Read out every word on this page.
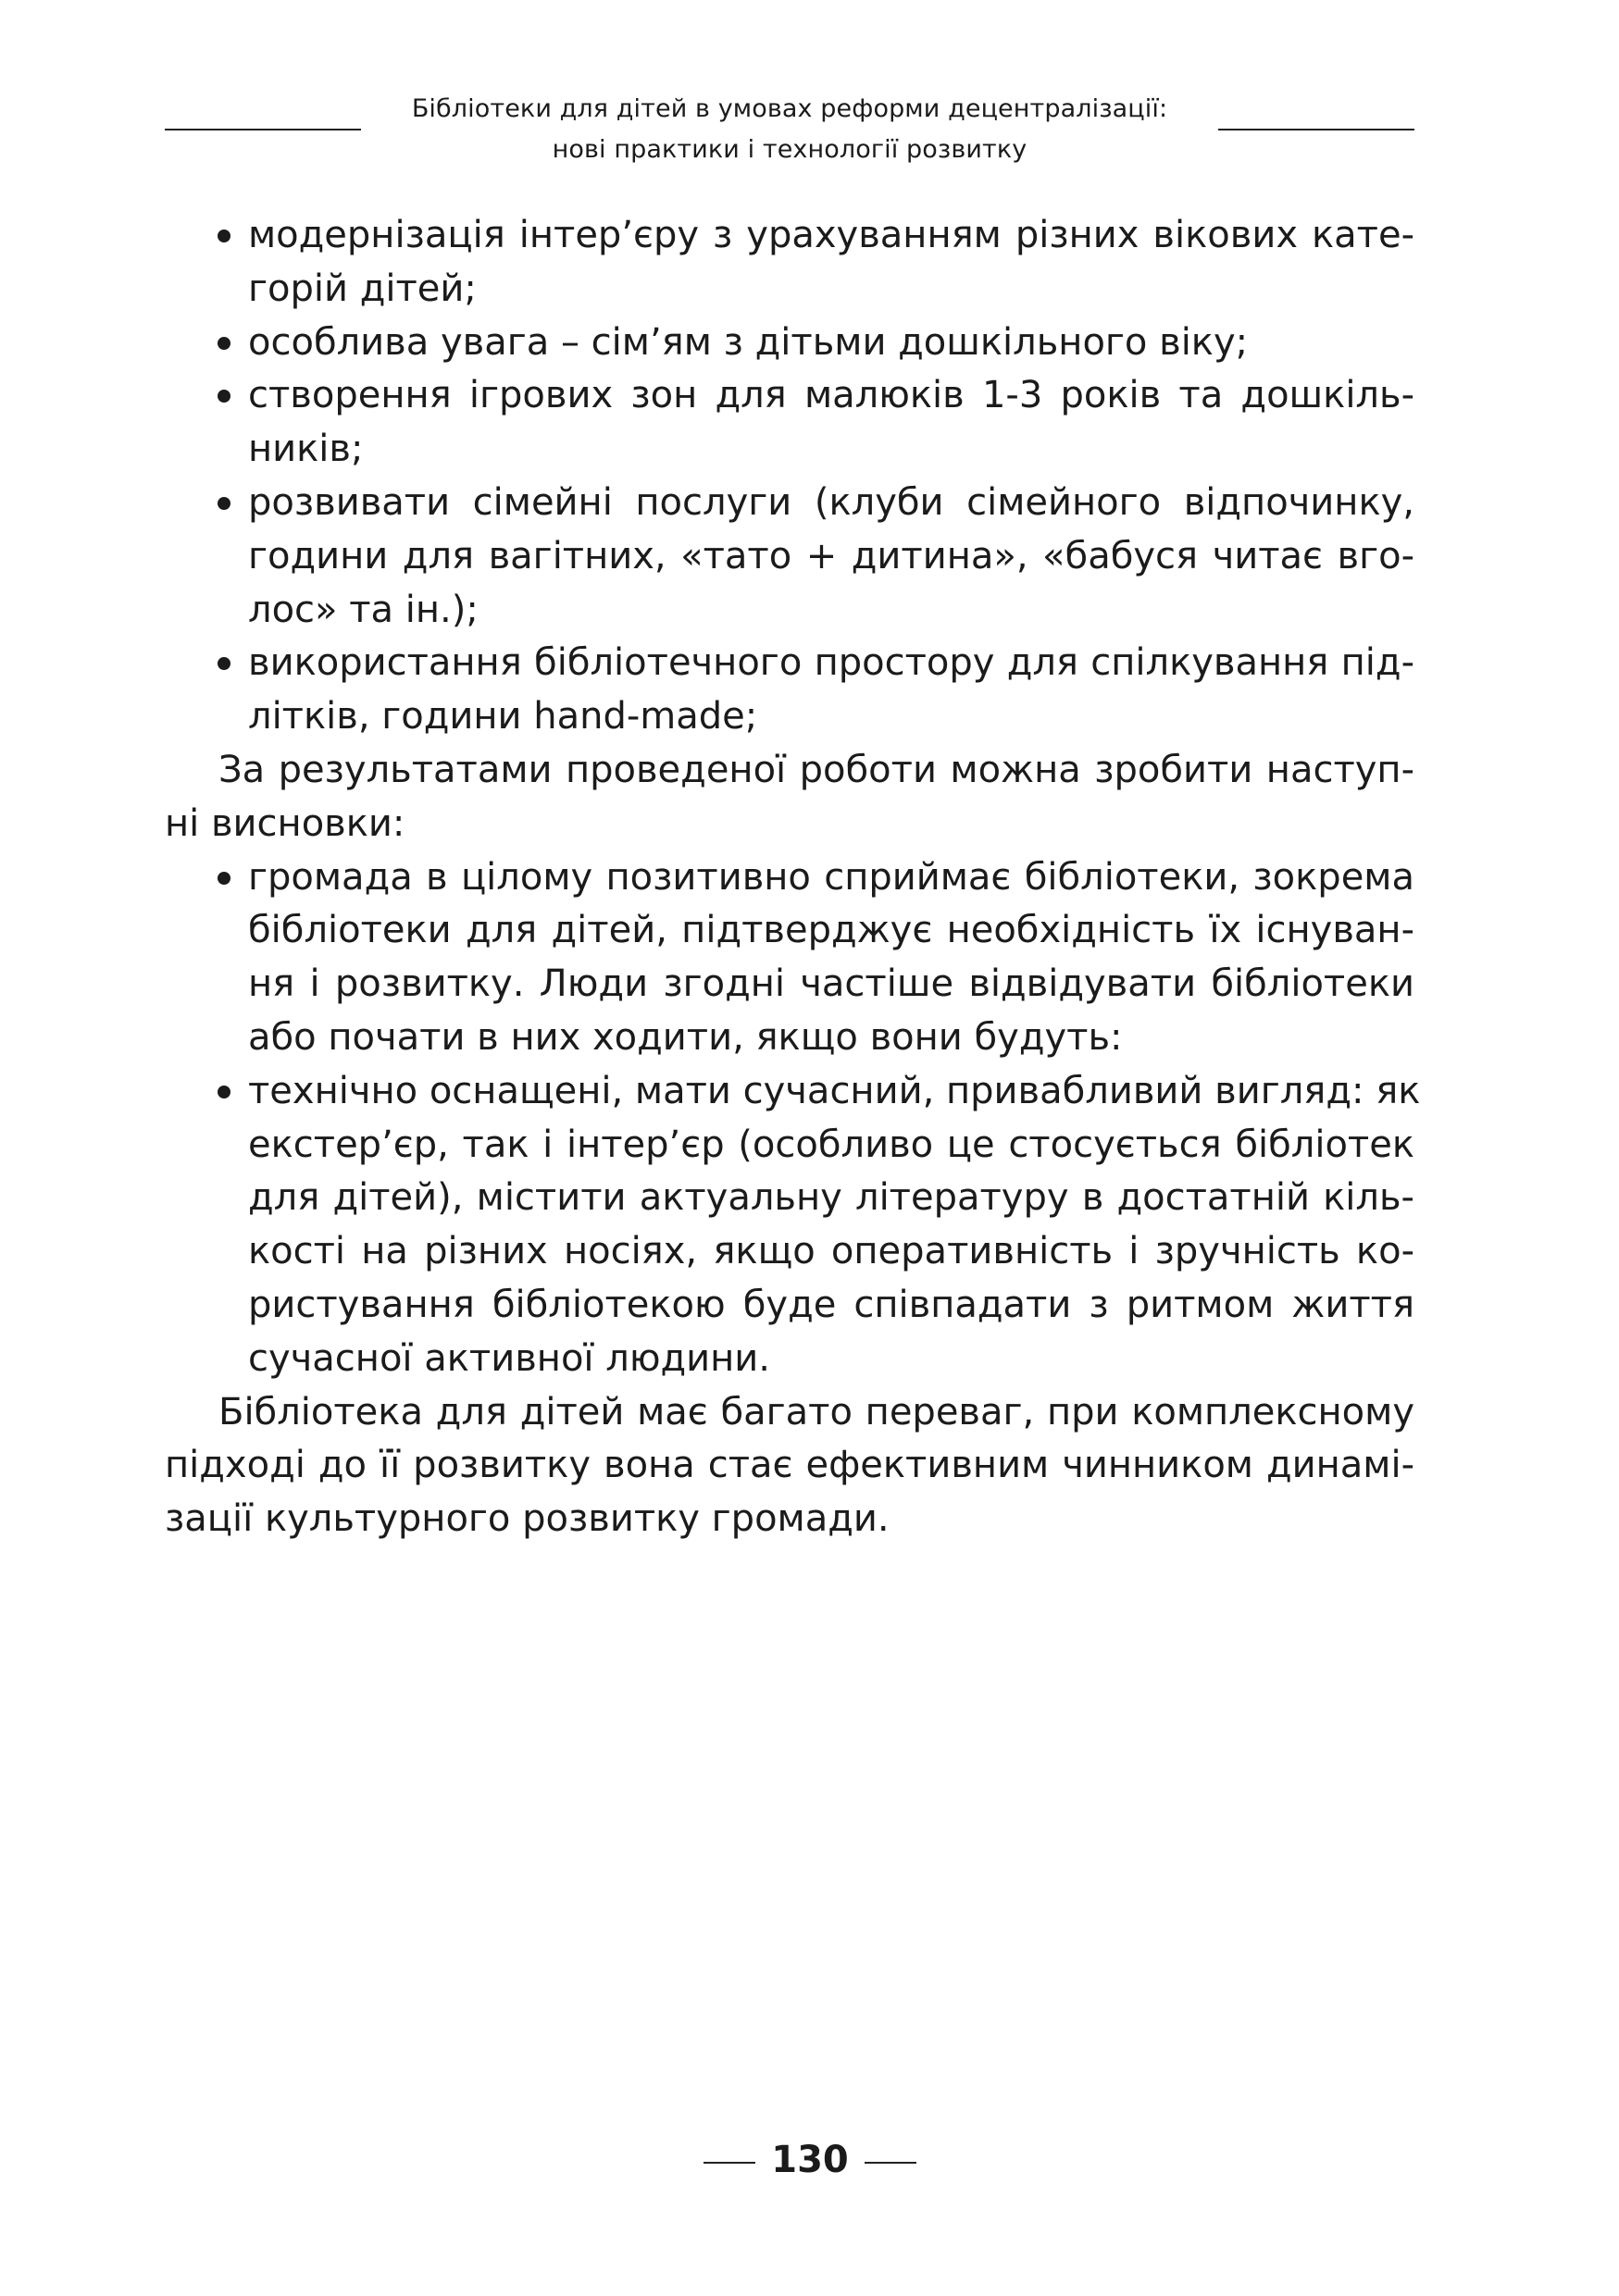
Бібліотеки для дітей в умовах реформи децентралізації:
нові практики і технології розвитку
модернізація інтер’єру з урахуванням різних вікових кате-
горій дітей;
особлива увага – сім’ям з дітьми дошкільного віку;
створення ігрових зон для малюків 1-3 років та дошкіль-
ників;
розвивати сімейні послуги (клуби сімейного відпочинку,
години для вагітних, «тато + дитина», «бабуся читає вго-
лос» та ін.);
використання бібліотечного простору для спілкування під-
літків, години hand-made;
За результатами проведеної роботи можна зробити наступ-
ні висновки:
громада в цілому позитивно сприймає бібліотеки, зокрема
бібліотеки для дітей, підтверджує необхідність їх існуван-
ня і розвитку. Люди згодні частіше відвідувати бібліотеки
або почати в них ходити, якщо вони будуть:
технічно оснащені, мати сучасний, привабливий вигляд: як
екстер’єр, так і інтер’єр (особливо це стосується бібліотек
для дітей), містити актуальну літературу в достатній кіль-
кості на різних носіях, якщо оперативність і зручність ко-
ристування бібліотекою буде співпадати з ритмом життя
сучасної активної людини.
Бібліотека для дітей має багато переваг, при комплексному
підході до її розвитку вона стає ефективним чинником динамі-
зації культурного розвитку громади.
130
